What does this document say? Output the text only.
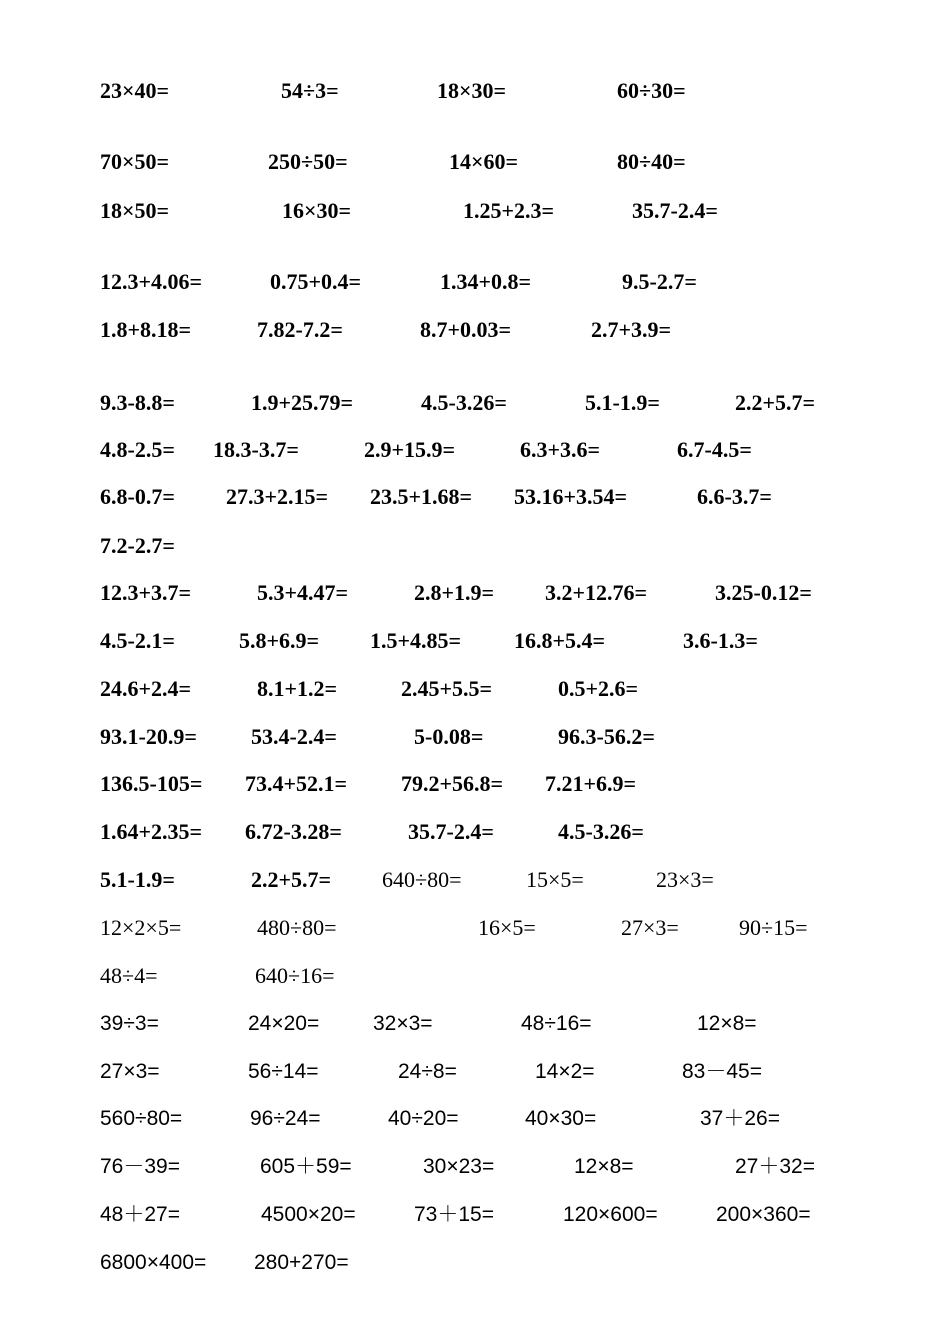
23×40=	54÷3=	18×30=	60÷30=
70×50=	250÷50=	14×60=	80÷40=
18×50=	16×30=	1.25+2.3=	35.7-2.4=
12.3+4.06=	0.75+0.4=	1.34+0.8=	9.5-2.7=
1.8+8.18=	7.82-7.2=	8.7+0.03=	2.7+3.9=
9.3-8.8=	1.9+25.79=	4.5-3.26=	5.1-1.9=	2.2+5.7=
4.8-2.5= 18.3-3.7=	2.9+15.9=	6.3+3.6=	6.7-4.5=
6.8-0.7= 27.3+2.15= 23.5+1.68= 53.16+3.54=	6.6-3.7=
7.2-2.7=
12.3+3.7=	5.3+4.47=	2.8+1.9= 3.2+12.76=	3.25-0.12=
4.5-2.1=	5.8+6.9= 1.5+4.85= 16.8+5.4=	3.6-1.3=
24.6+2.4=	8.1+1.2=	2.45+5.5=	0.5+2.6=
93.1-20.9= 53.4-2.4=	5-0.08=	96.3-56.2=
136.5-105= 73.4+52.1= 79.2+56.8= 7.21+6.9=
1.64+2.35= 6.72-3.28=	35.7-2.4=	4.5-3.26=
5.1-1.9=	2.2+5.7= 640÷80=	15×5=	23×3=
12×2×5=	480÷80=	16×5=	27×3=	90÷15=
48÷4=	640÷16=
39÷3=	24×20=	32×3=	48÷16=	12×8=
27×3=	56÷14=	24÷8=	14×2=	83－45=
560÷80=	96÷24=	40÷20=	40×30=	37＋26=
76－39=	605＋59=	30×23=	12×8=	27＋32=
48＋27=	4500×20=	73＋15=	120×600=	200×360=
6800×400= 280+270=
